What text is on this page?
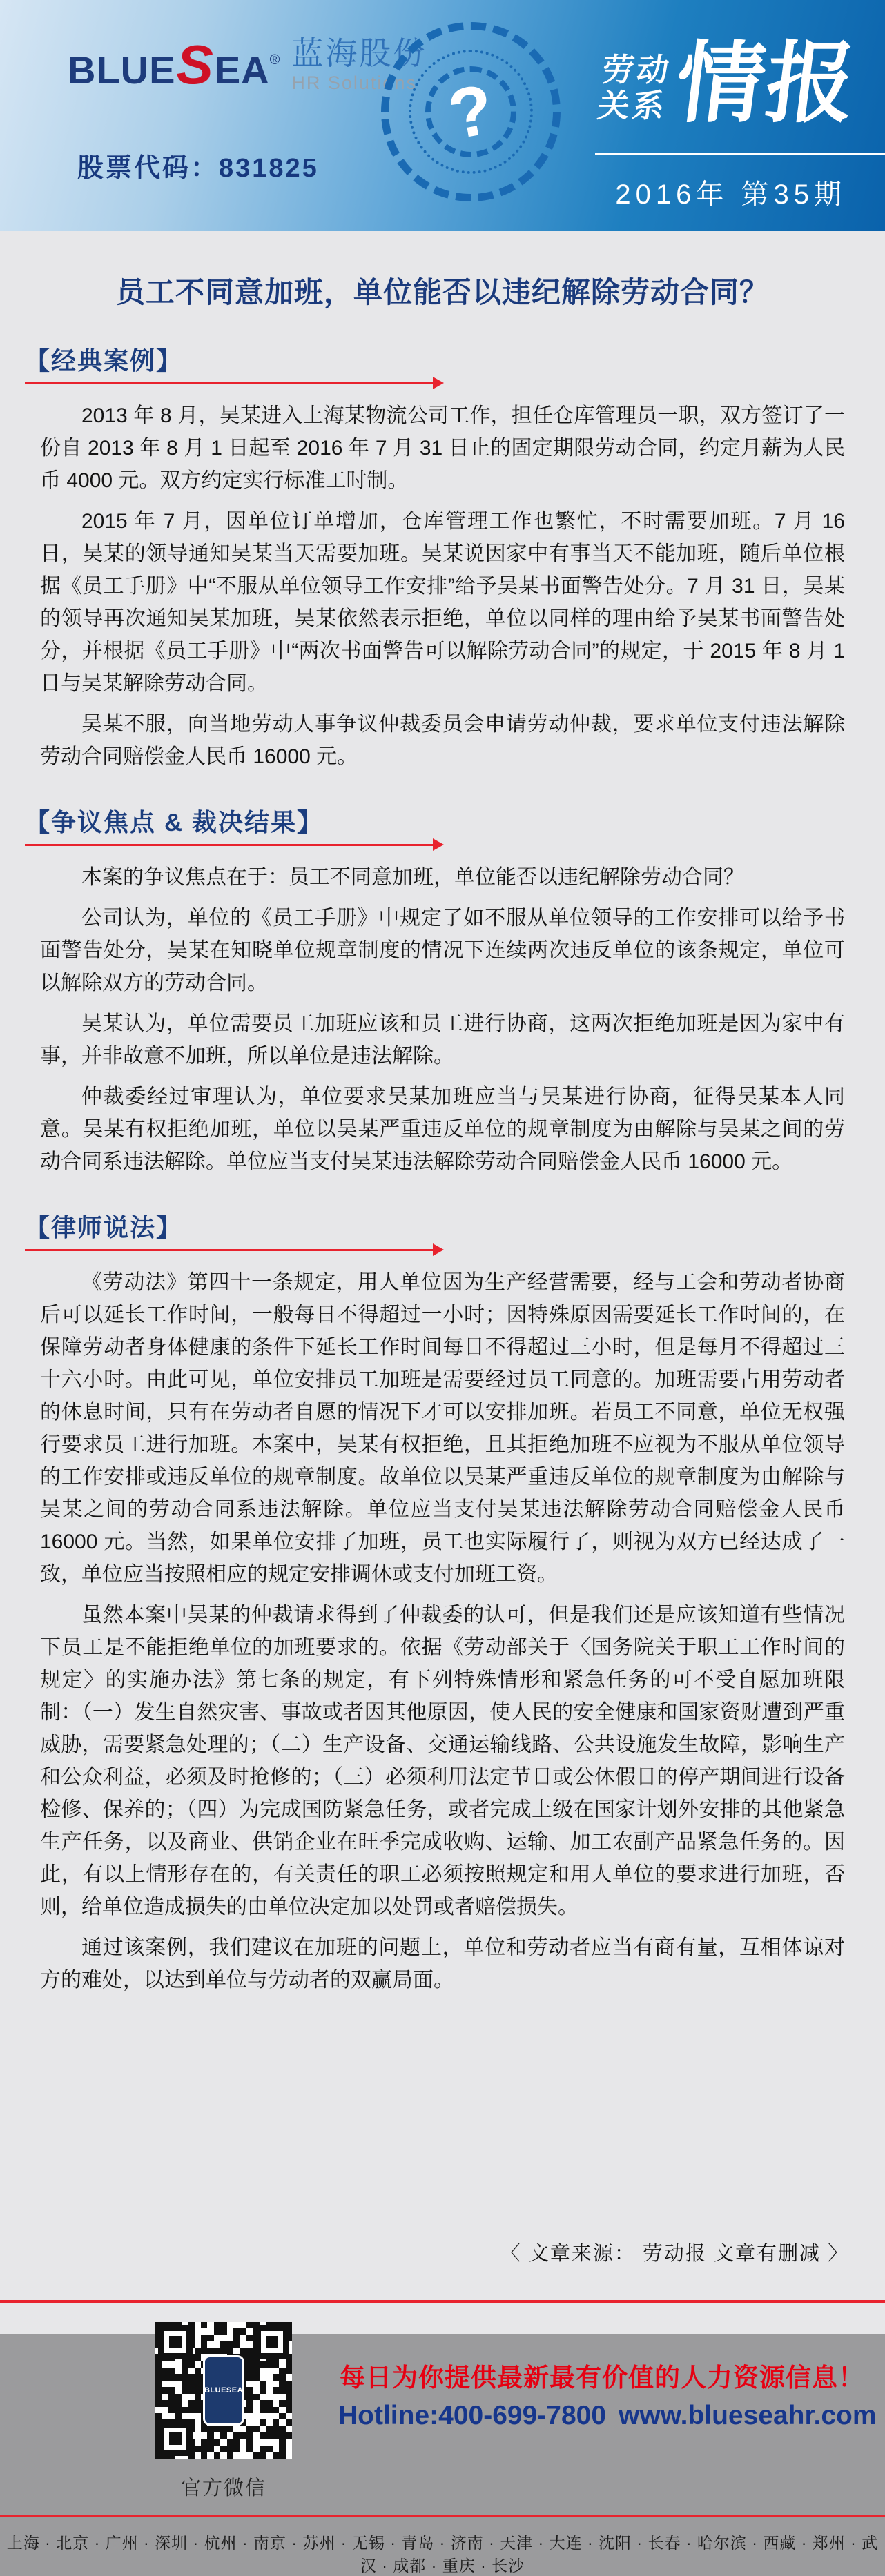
BLUESEA® 蓝海股份
HR Solutions
股票代码：831825
?	劳动
关系 情报
2016年 第35期
员工不同意加班，单位能否以违纪解除劳动合同？
【经典案例】

2013 年 8 月，吴某进入上海某物流公司工作，担任仓库管理员一职，双方签订了一份自 2013 年 8 月 1 日起至 2016 年 7 月 31 日止的固定期限劳动合同，约定月薪为人民币 4000 元。双方约定实行标准工时制。

2015 年 7 月，因单位订单增加，仓库管理工作也繁忙，不时需要加班。7 月 16 日，吴某的领导通知吴某当天需要加班。吴某说因家中有事当天不能加班，随后单位根据《员工手册》中“不服从单位领导工作安排”给予吴某书面警告处分。7 月 31 日，吴某的领导再次通知吴某加班，吴某依然表示拒绝，单位以同样的理由给予吴某书面警告处分，并根据《员工手册》中“两次书面警告可以解除劳动合同”的规定，于 2015 年 8 月 1 日与吴某解除劳动合同。

吴某不服，向当地劳动人事争议仲裁委员会申请劳动仲裁，要求单位支付违法解除劳动合同赔偿金人民币 16000 元。

【争议焦点 & 裁决结果】

本案的争议焦点在于：员工不同意加班，单位能否以违纪解除劳动合同？

公司认为，单位的《员工手册》中规定了如不服从单位领导的工作安排可以给予书面警告处分，吴某在知晓单位规章制度的情况下连续两次违反单位的该条规定，单位可以解除双方的劳动合同。

吴某认为，单位需要员工加班应该和员工进行协商，这两次拒绝加班是因为家中有事，并非故意不加班，所以单位是违法解除。

仲裁委经过审理认为，单位要求吴某加班应当与吴某进行协商，征得吴某本人同意。吴某有权拒绝加班，单位以吴某严重违反单位的规章制度为由解除与吴某之间的劳动合同系违法解除。单位应当支付吴某违法解除劳动合同赔偿金人民币 16000 元。

【律师说法】

《劳动法》第四十一条规定，用人单位因为生产经营需要，经与工会和劳动者协商后可以延长工作时间，一般每日不得超过一小时；因特殊原因需要延长工作时间的，在保障劳动者身体健康的条件下延长工作时间每日不得超过三小时，但是每月不得超过三十六小时。由此可见，单位安排员工加班是需要经过员工同意的。加班需要占用劳动者的休息时间，只有在劳动者自愿的情况下才可以安排加班。若员工不同意，单位无权强行要求员工进行加班。本案中，吴某有权拒绝，且其拒绝加班不应视为不服从单位领导的工作安排或违反单位的规章制度。故单位以吴某严重违反单位的规章制度为由解除与吴某之间的劳动合同系违法解除。单位应当支付吴某违法解除劳动合同赔偿金人民币 16000 元。当然，如果单位安排了加班，员工也实际履行了，则视为双方已经达成了一致，单位应当按照相应的规定安排调休或支付加班工资。

虽然本案中吴某的仲裁请求得到了仲裁委的认可，但是我们还是应该知道有些情况下员工是不能拒绝单位的加班要求的。依据《劳动部关于〈国务院关于职工工作时间的规定〉的实施办法》第七条的规定，有下列特殊情形和紧急任务的可不受自愿加班限制：（一）发生自然灾害、事故或者因其他原因，使人民的安全健康和国家资财遭到严重威胁，需要紧急处理的；（二）生产设备、交通运输线路、公共设施发生故障，影响生产和公众利益，必须及时抢修的；（三）必须利用法定节日或公休假日的停产期间进行设备检修、保养的；（四）为完成国防紧急任务，或者完成上级在国家计划外安排的其他紧急生产任务，以及商业、供销企业在旺季完成收购、运输、加工农副产品紧急任务的。因此，有以上情形存在的，有关责任的职工必须按照规定和用人单位的要求进行加班，否则，给单位造成损失的由单位决定加以处罚或者赔偿损失。

通过该案例，我们建议在加班的问题上，单位和劳动者应当有商有量，互相体谅对方的难处，以达到单位与劳动者的双赢局面。

〈 文章来源： 劳动报 文章有删减 〉
BLUESEA
官方微信
每日为你提供最新最有价值的人力资源信息！
Hotline:400-699-7800 www.blueseahr.com
上海 · 北京 · 广州 · 深圳 · 杭州 · 南京 · 苏州 · 无锡 · 青岛 · 济南 · 天津 · 大连 · 沈阳 · 长春 · 哈尔滨 · 西藏 · 郑州 · 武汉 · 成都 · 重庆 · 长沙
